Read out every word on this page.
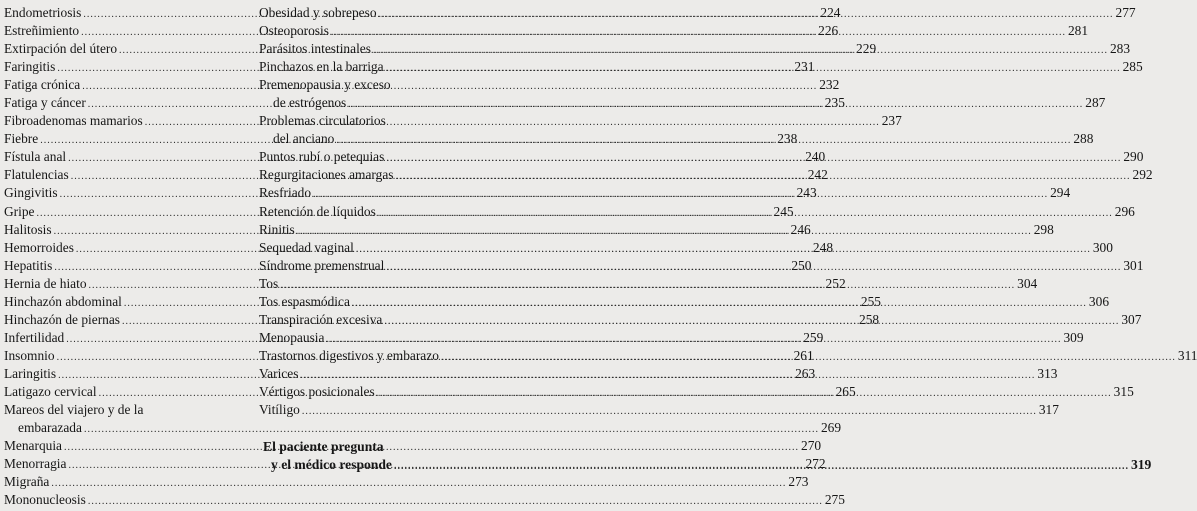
Endometriosis .....	224
Estreñimiento .....	226
Extirpación del útero .....	229
Faringitis .....	231
Fatiga crónica .....	232
Fatiga y cáncer .....	235
Fibroadenomas mamarios .....	237
Fiebre .....	238
Fístula anal .....	240
Flatulencias .....	242
Gingivitis .....	243
Gripe .....	245
Halitosis .....	246
Hemorroides .....	248
Hepatitis .....	250
Hernia de hiato .....	252
Hinchazón abdominal .....	255
Hinchazón de piernas .....	258
Infertilidad .....	259
Insomnio .....	261
Laringitis .....	263
Latigazo cervical .....	265
Mareos del viajero y de la
embarazada .....	269
Menarquia .....	270
Menorragia .....	272
Migraña .....	273
Mononucleosis .....	275
Obesidad y sobrepeso .....	277
Osteoporosis .....	281
Parásitos intestinales .....	283
Pinchazos en la barriga .....	285
Premenopausia y exceso
de estrógenos .....	287
Problemas circulatorios
del anciano .....	288
Puntos rubí o petequias .....	290
Regurgitaciones amargas .....	292
Resfriado .....	294
Retención de líquidos .....	296
Rinitis .....	298
Sequedad vaginal .....	300
Síndrome premenstrual .....	301
Tos .....	304
Tos espasmódica .....	306
Transpiración excesiva .....	307
Menopausia .....	309
Trastornos digestivos y embarazo .....	311
Varices .....	313
Vértigos posicionales .....	315
Vitíligo .....	317
El paciente pregunta
y el médico responde .....	319
